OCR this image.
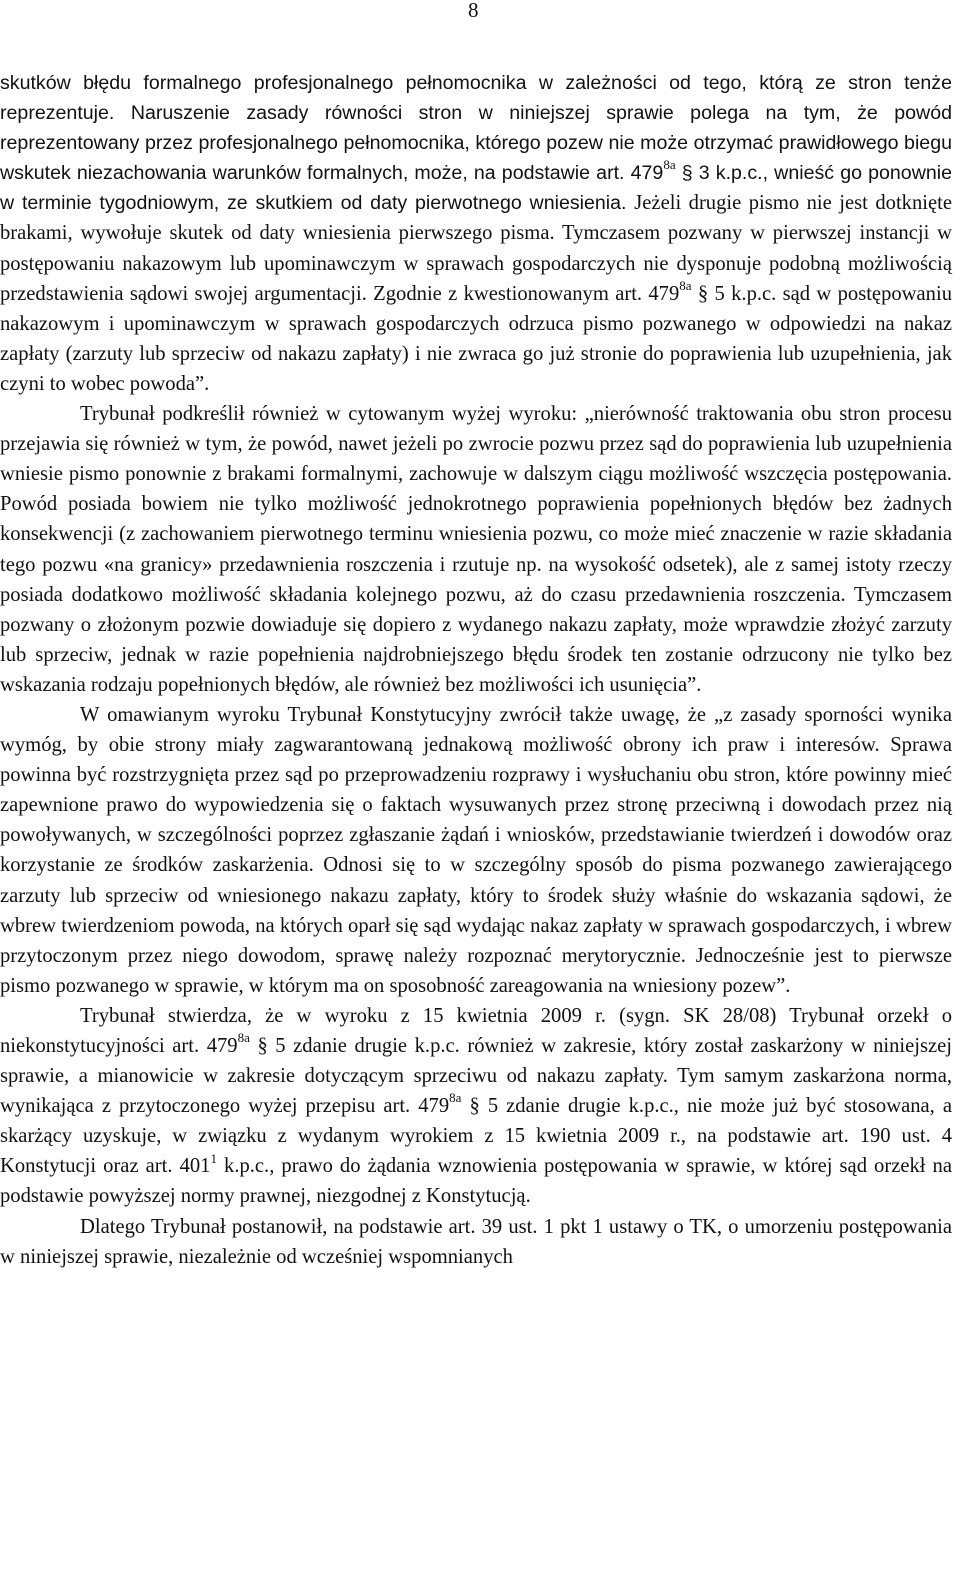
8

skutków błędu formalnego profesjonalnego pełnomocnika w zależności od tego, którą ze stron tenże reprezentuje. Naruszenie zasady równości stron w niniejszej sprawie polega na tym, że powód reprezentowany przez profesjonalnego pełnomocnika, którego pozew nie może otrzymać prawidłowego biegu wskutek niezachowania warunków formalnych, może, na podstawie art. $479^{8a}$ § 3 k.p.c., wnieść go ponownie w terminie tygodniowym, ze skutkiem od daty pierwotnego wniesienia. Jeżeli drugie pismo nie jest dotknięte brakami, wywołuje skutek od daty wniesienia pierwszego pisma. Tymczasem pozwany w pierwszej instancji w postępowaniu nakazowym lub upominawczym w sprawach gospodarczych nie dysponuje podobną możliwością przedstawienia sądowi swojej argumentacji. Zgodnie z kwestionowanym art. $479^{8a}$ § 5 k.p.c. sąd w postępowaniu nakazowym i upominawczym w sprawach gospodarczych odrzuca pismo pozwanego w odpowiedzi na nakaz zapłaty (zarzuty lub sprzeciw od nakazu zapłaty) i nie zwraca go już stronie do poprawienia lub uzupełnienia, jak czyni to wobec powoda”.

Trybunał podkreślił również w cytowanym wyżej wyroku: „nierówność traktowania obu stron procesu przejawia się również w tym, że powód, nawet jeżeli po zwrocie pozwu przez sąd do poprawienia lub uzupełnienia wniesie pismo ponownie z brakami formalnymi, zachowuje w dalszym ciągu możliwość wszczęcia postępowania. Powód posiada bowiem nie tylko możliwość jednokrotnego poprawienia popełnionych błędów bez żadnych konsekwencji (z zachowaniem pierwotnego terminu wniesienia pozwu, co może mieć znaczenie w razie składania tego pozwu «na granicy» przedawnienia roszczenia i rzutuje np. na wysokość odsetek), ale z samej istoty rzeczy posiada dodatkowo możliwość składania kolejnego pozwu, aż do czasu przedawnienia roszczenia. Tymczasem pozwany o złożonym pozwie dowiaduje się dopiero z wydanego nakazu zapłaty, może wprawdzie złożyć zarzuty lub sprzeciw, jednak w razie popełnienia najdrobniejszego błędu środek ten zostanie odrzucony nie tylko bez wskazania rodzaju popełnionych błędów, ale również bez możliwości ich usunięcia”.

W omawianym wyroku Trybunał Konstytucyjny zwrócił także uwagę, że „z zasady sporności wynika wymóg, by obie strony miały zagwarantowaną jednakową możliwość obrony ich praw i interesów. Sprawa powinna być rozstrzygnięta przez sąd po przeprowadzeniu rozprawy i wysłuchaniu obu stron, które powinny mieć zapewnione prawo do wypowiedzenia się o faktach wysuwanych przez stronę przeciwną i dowodach przez nią powoływanych, w szczególności poprzez zgłaszanie żądań i wniosków, przedstawianie twierdzeń i dowodów oraz korzystanie ze środków zaskarżenia. Odnosi się to w szczególny sposób do pisma pozwanego zawierającego zarzuty lub sprzeciw od wniesionego nakazu zapłaty, który to środek służy właśnie do wskazania sądowi, że wbrew twierdzeniom powoda, na których oparł się sąd wydając nakaz zapłaty w sprawach gospodarczych, i wbrew przytoczonym przez niego dowodom, sprawę należy rozpoznać merytorycznie. Jednocześnie jest to pierwsze pismo pozwanego w sprawie, w którym ma on sposobność zareagowania na wniesiony pozew”.

Trybunał stwierdza, że w wyroku z 15 kwietnia 2009 r. (sygn. SK 28/08) Trybunał orzekł o niekonstytucyjności art. $479^{8a}$ § 5 zdanie drugie k.p.c. również w zakresie, który został zaskarżony w niniejszej sprawie, a mianowicie w zakresie dotyczącym sprzeciwu od nakazu zapłaty. Tym samym zaskarżona norma, wynikająca z przytoczonego wyżej przepisu art. $479^{8a}$ § 5 zdanie drugie k.p.c., nie może już być stosowana, a skarżący uzyskuje, w związku z wydanym wyrokiem z 15 kwietnia 2009 r., na podstawie art. 190 ust. 4 Konstytucji oraz art. $401^1$ k.p.c., prawo do żądania wznowienia postępowania w sprawie, w której sąd orzekł na podstawie powyższej normy prawnej, niezgodnej z Konstytucją.

Dlatego Trybunał postanowił, na podstawie art. 39 ust. 1 pkt 1 ustawy o TK, o umorzeniu postępowania w niniejszej sprawie, niezależnie od wcześniej wspomnianych
